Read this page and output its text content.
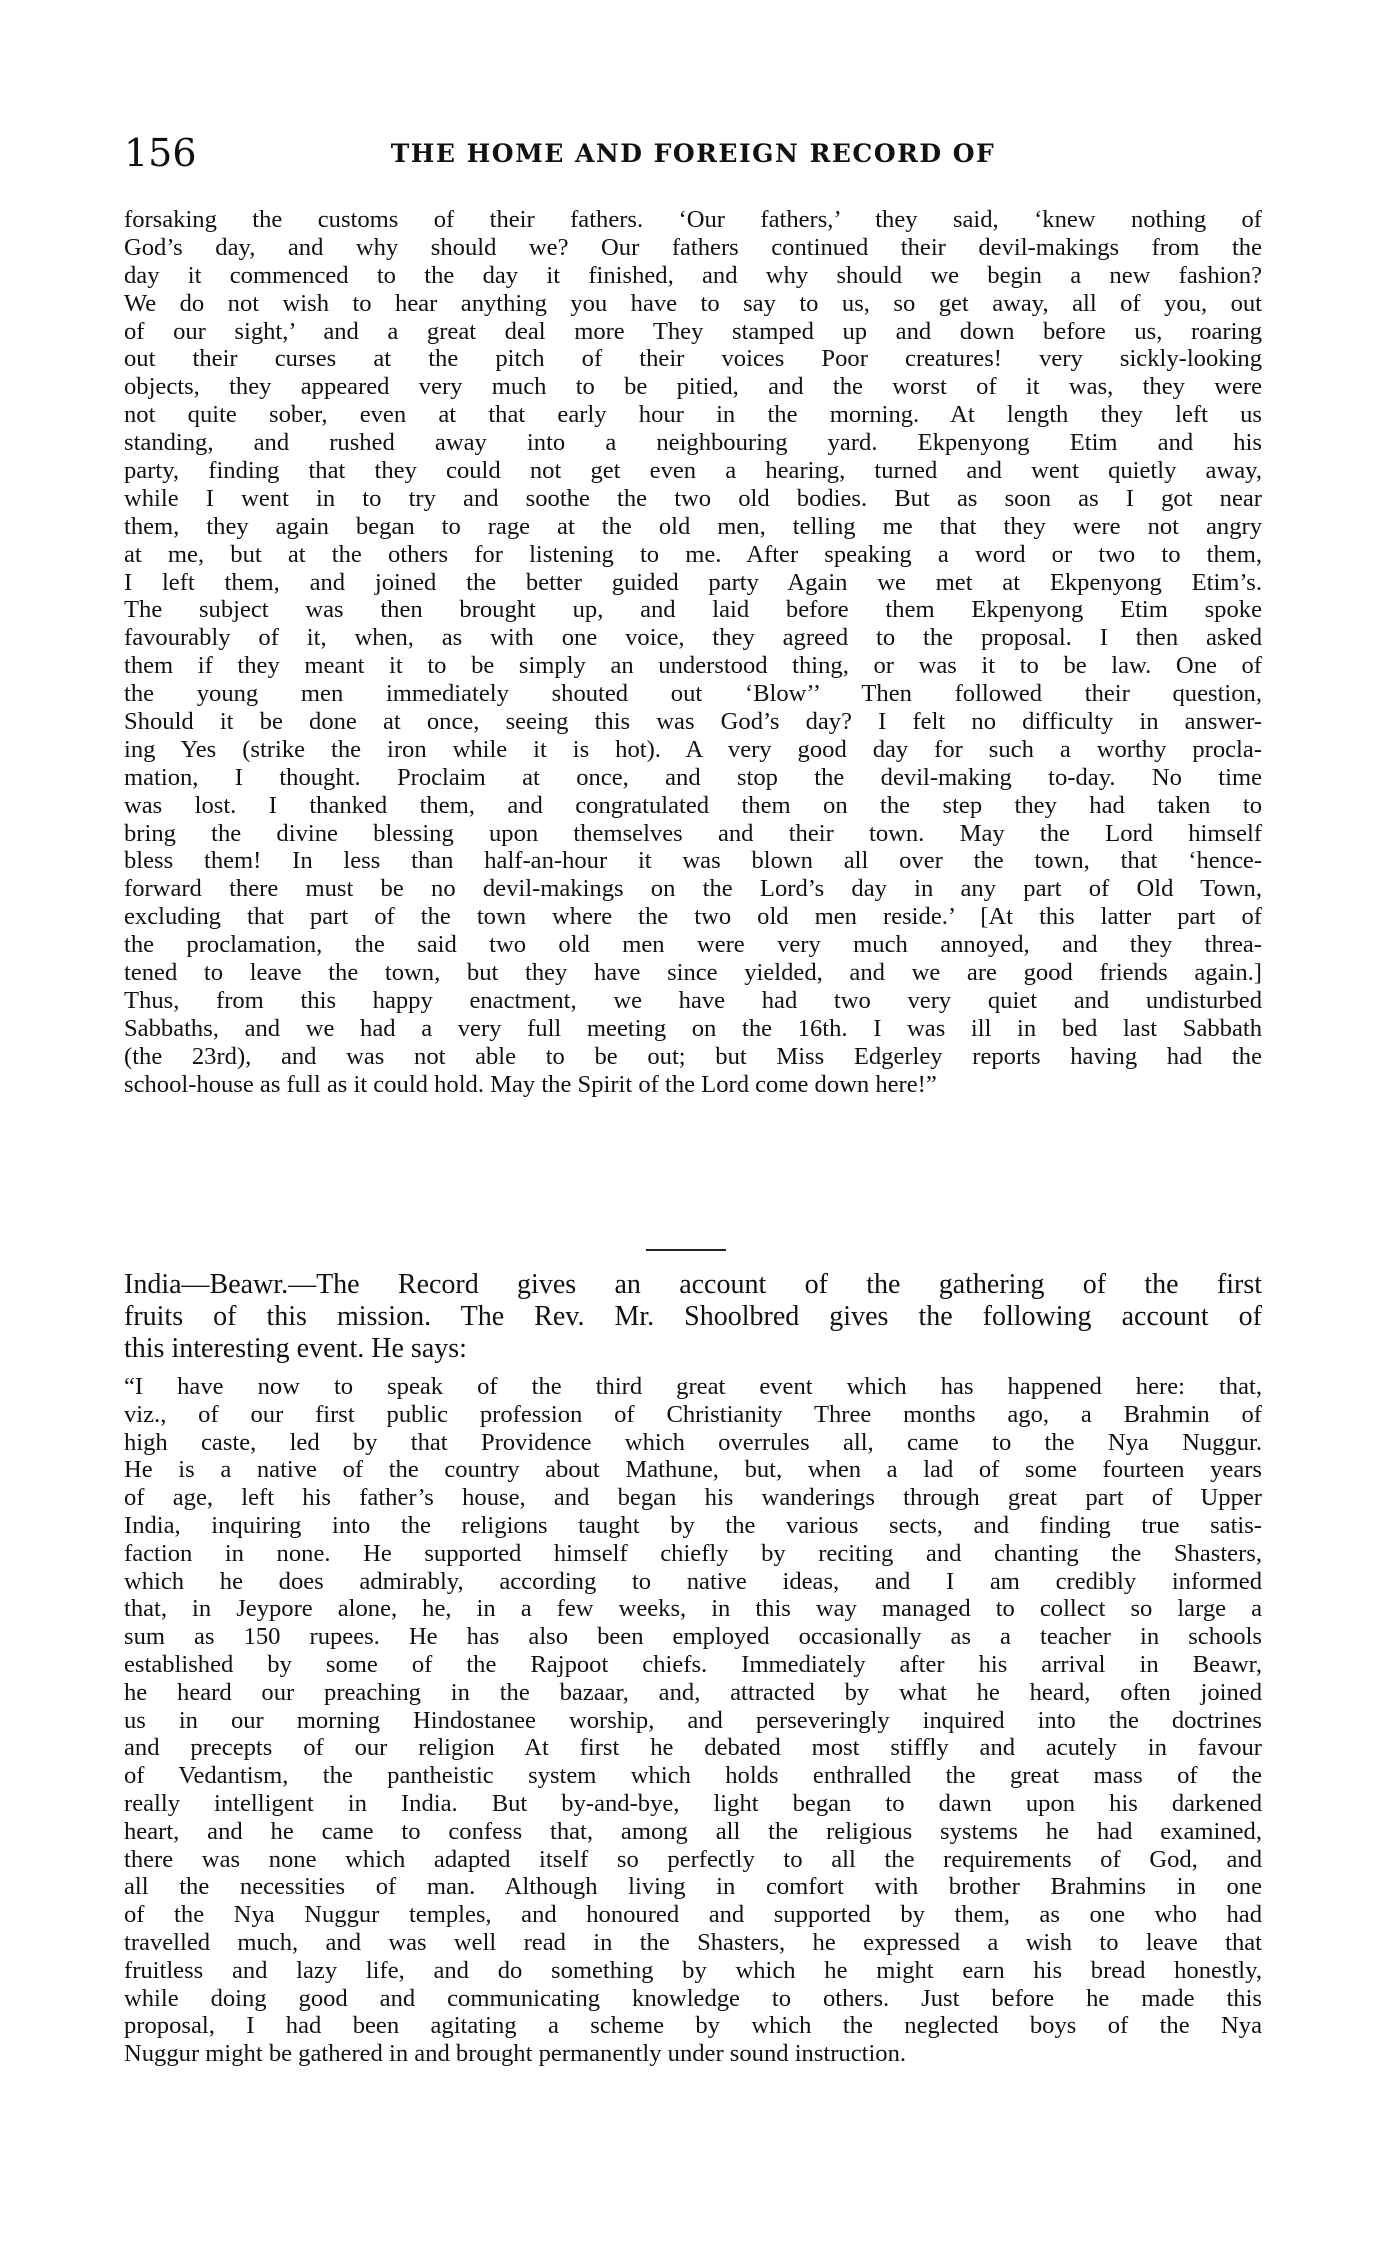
156	THE HOME AND FOREIGN RECORD OF
forsaking the customs of their fathers. ‘Our fathers,’ they said, ‘knew nothing of
God’s day, and why should we? Our fathers continued their devil-makings from the
day it commenced to the day it finished, and why should we begin a new fashion?
We do not wish to hear anything you have to say to us, so get away, all of you, out
of our sight,’ and a great deal more They stamped up and down before us, roaring
out their curses at the pitch of their voices Poor creatures! very sickly-looking
objects, they appeared very much to be pitied, and the worst of it was, they were
not quite sober, even at that early hour in the morning. At length they left us
standing, and rushed away into a neighbouring yard. Ekpenyong Etim and his
party, finding that they could not get even a hearing, turned and went quietly away,
while I went in to try and soothe the two old bodies. But as soon as I got near
them, they again began to rage at the old men, telling me that they were not angry
at me, but at the others for listening to me. After speaking a word or two to them,
I left them, and joined the better guided party Again we met at Ekpenyong Etim’s.
The subject was then brought up, and laid before them Ekpenyong Etim spoke
favourably of it, when, as with one voice, they agreed to the proposal. I then asked
them if they meant it to be simply an understood thing, or was it to be law. One of
the young men immediately shouted out ‘Blow’’ Then followed their question,
Should it be done at once, seeing this was God’s day? I felt no difficulty in answer-
ing Yes (strike the iron while it is hot). A very good day for such a worthy procla-
mation, I thought. Proclaim at once, and stop the devil-making to-day. No time
was lost. I thanked them, and congratulated them on the step they had taken to
bring the divine blessing upon themselves and their town. May the Lord himself
bless them! In less than half-an-hour it was blown all over the town, that ‘hence-
forward there must be no devil-makings on the Lord’s day in any part of Old Town,
excluding that part of the town where the two old men reside.’ [At this latter part of
the proclamation, the said two old men were very much annoyed, and they threa-
tened to leave the town, but they have since yielded, and we are good friends again.]
Thus, from this happy enactment, we have had two very quiet and undisturbed
Sabbaths, and we had a very full meeting on the 16th. I was ill in bed last Sabbath
(the 23rd), and was not able to be out; but Miss Edgerley reports having had the
school-house as full as it could hold. May the Spirit of the Lord come down here!”
India—Beawr.—The Record gives an account of the gathering of the first
fruits of this mission. The Rev. Mr. Shoolbred gives the following account of
this interesting event. He says:
“I have now to speak of the third great event which has happened here: that,
viz., of our first public profession of Christianity Three months ago, a Brahmin of
high caste, led by that Providence which overrules all, came to the Nya Nuggur.
He is a native of the country about Mathune, but, when a lad of some fourteen years
of age, left his father’s house, and began his wanderings through great part of Upper
India, inquiring into the religions taught by the various sects, and finding true satis-
faction in none. He supported himself chiefly by reciting and chanting the Shasters,
which he does admirably, according to native ideas, and I am credibly informed
that, in Jeypore alone, he, in a few weeks, in this way managed to collect so large a
sum as 150 rupees. He has also been employed occasionally as a teacher in schools
established by some of the Rajpoot chiefs. Immediately after his arrival in Beawr,
he heard our preaching in the bazaar, and, attracted by what he heard, often joined
us in our morning Hindostanee worship, and perseveringly inquired into the doctrines
and precepts of our religion At first he debated most stiffly and acutely in favour
of Vedantism, the pantheistic system which holds enthralled the great mass of the
really intelligent in India. But by-and-bye, light began to dawn upon his darkened
heart, and he came to confess that, among all the religious systems he had examined,
there was none which adapted itself so perfectly to all the requirements of God, and
all the necessities of man. Although living in comfort with brother Brahmins in one
of the Nya Nuggur temples, and honoured and supported by them, as one who had
travelled much, and was well read in the Shasters, he expressed a wish to leave that
fruitless and lazy life, and do something by which he might earn his bread honestly,
while doing good and communicating knowledge to others. Just before he made this
proposal, I had been agitating a scheme by which the neglected boys of the Nya
Nuggur might be gathered in and brought permanently under sound instruction.
